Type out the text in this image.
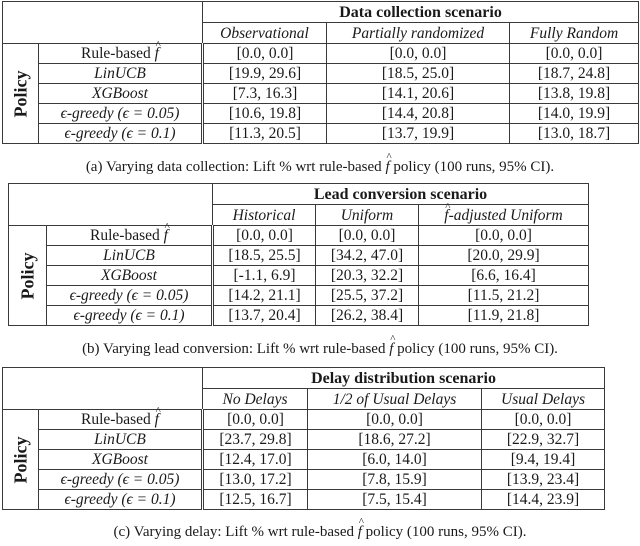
		Data collection scenario		
		Observational	Partially randomized	Fully Random

Policy	Rule-based ^ f	[0.0, 0.0]	[0.0, 0.0]	[0.0, 0.0]
	LinUCB	[19.9, 29.6]	[18.5, 25.0]	[18.7, 24.8]
	XGBoost	[7.3, 16.3]	[14.1, 20.6]	[13.8, 19.8]
	ϵ-greedy (ϵ = 0.05)	[10.6, 19.8]	[14.4, 20.8]	[14.0, 19.9]
	ϵ-greedy (ϵ = 0.1)	[11.3, 20.5]	[13.7, 19.9]	[13.0, 18.7]
(a) Varying data collection: Lift % wrt rule-based ^ f policy (100 runs, 95% CI).
		Lead conversion scenario		
		Historical	Uniform	^ f-adjusted Uniform

Policy	Rule-based ^ f	[0.0, 0.0]	[0.0, 0.0]	[0.0, 0.0]
	LinUCB	[18.5, 25.5]	[34.2, 47.0]	[20.0, 29.9]
	XGBoost	[-1.1, 6.9]	[20.3, 32.2]	[6.6, 16.4]
	ϵ-greedy (ϵ = 0.05)	[14.2, 21.1]	[25.5, 37.2]	[11.5, 21.2]
	ϵ-greedy (ϵ = 0.1)	[13.7, 20.4]	[26.2, 38.4]	[11.9, 21.8]
(b) Varying lead conversion: Lift % wrt rule-based ^ f policy (100 runs, 95% CI).
		Delay distribution scenario		
		No Delays	1/2 of Usual Delays	Usual Delays

Policy	Rule-based ^ f	[0.0, 0.0]	[0.0, 0.0]	[0.0, 0.0]
	LinUCB	[23.7, 29.8]	[18.6, 27.2]	[22.9, 32.7]
	XGBoost	[12.4, 17.0]	[6.0, 14.0]	[9.4, 19.4]
	ϵ-greedy (ϵ = 0.05)	[13.0, 17.2]	[7.8, 15.9]	[13.9, 23.4]
	ϵ-greedy (ϵ = 0.1)	[12.5, 16.7]	[7.5, 15.4]	[14.4, 23.9]
(c) Varying delay: Lift % wrt rule-based ^ f policy (100 runs, 95% CI).
